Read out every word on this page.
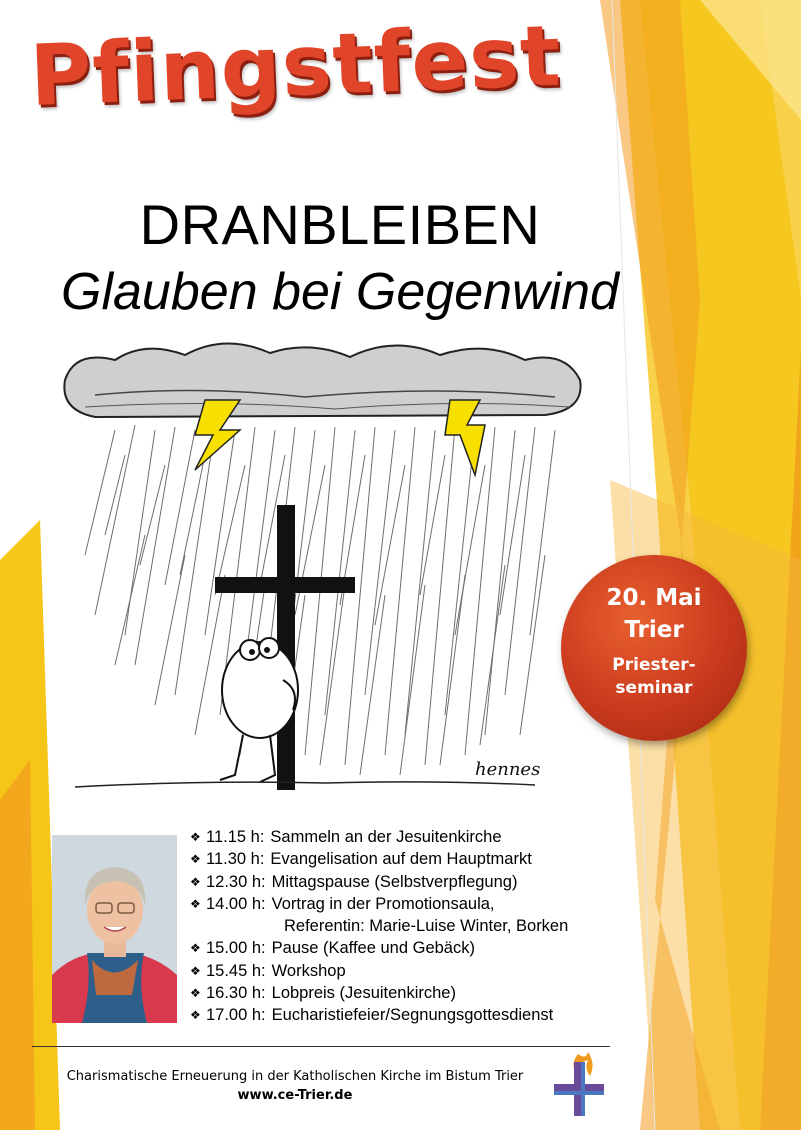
Pfingstfest
DRANBLEIBEN
Glauben bei Gegenwind
hennes
20. Mai
Trier
Priester-
seminar
❖ 11.15 h: Sammeln an der Jesuitenkirche
❖ 11.30 h: Evangelisation auf dem Hauptmarkt
❖ 12.30 h: Mittagspause (Selbstverpflegung)
❖ 14.00 h: Vortrag in der Promotionsaula,
Referentin: Marie-Luise Winter, Borken
❖ 15.00 h: Pause (Kaffee und Gebäck)
❖ 15.45 h: Workshop
❖ 16.30 h: Lobpreis (Jesuitenkirche)
❖ 17.00 h: Eucharistiefeier/Segnungsgottesdienst
Charismatische Erneuerung in der Katholischen Kirche im Bistum Trier
www.ce-Trier.de
